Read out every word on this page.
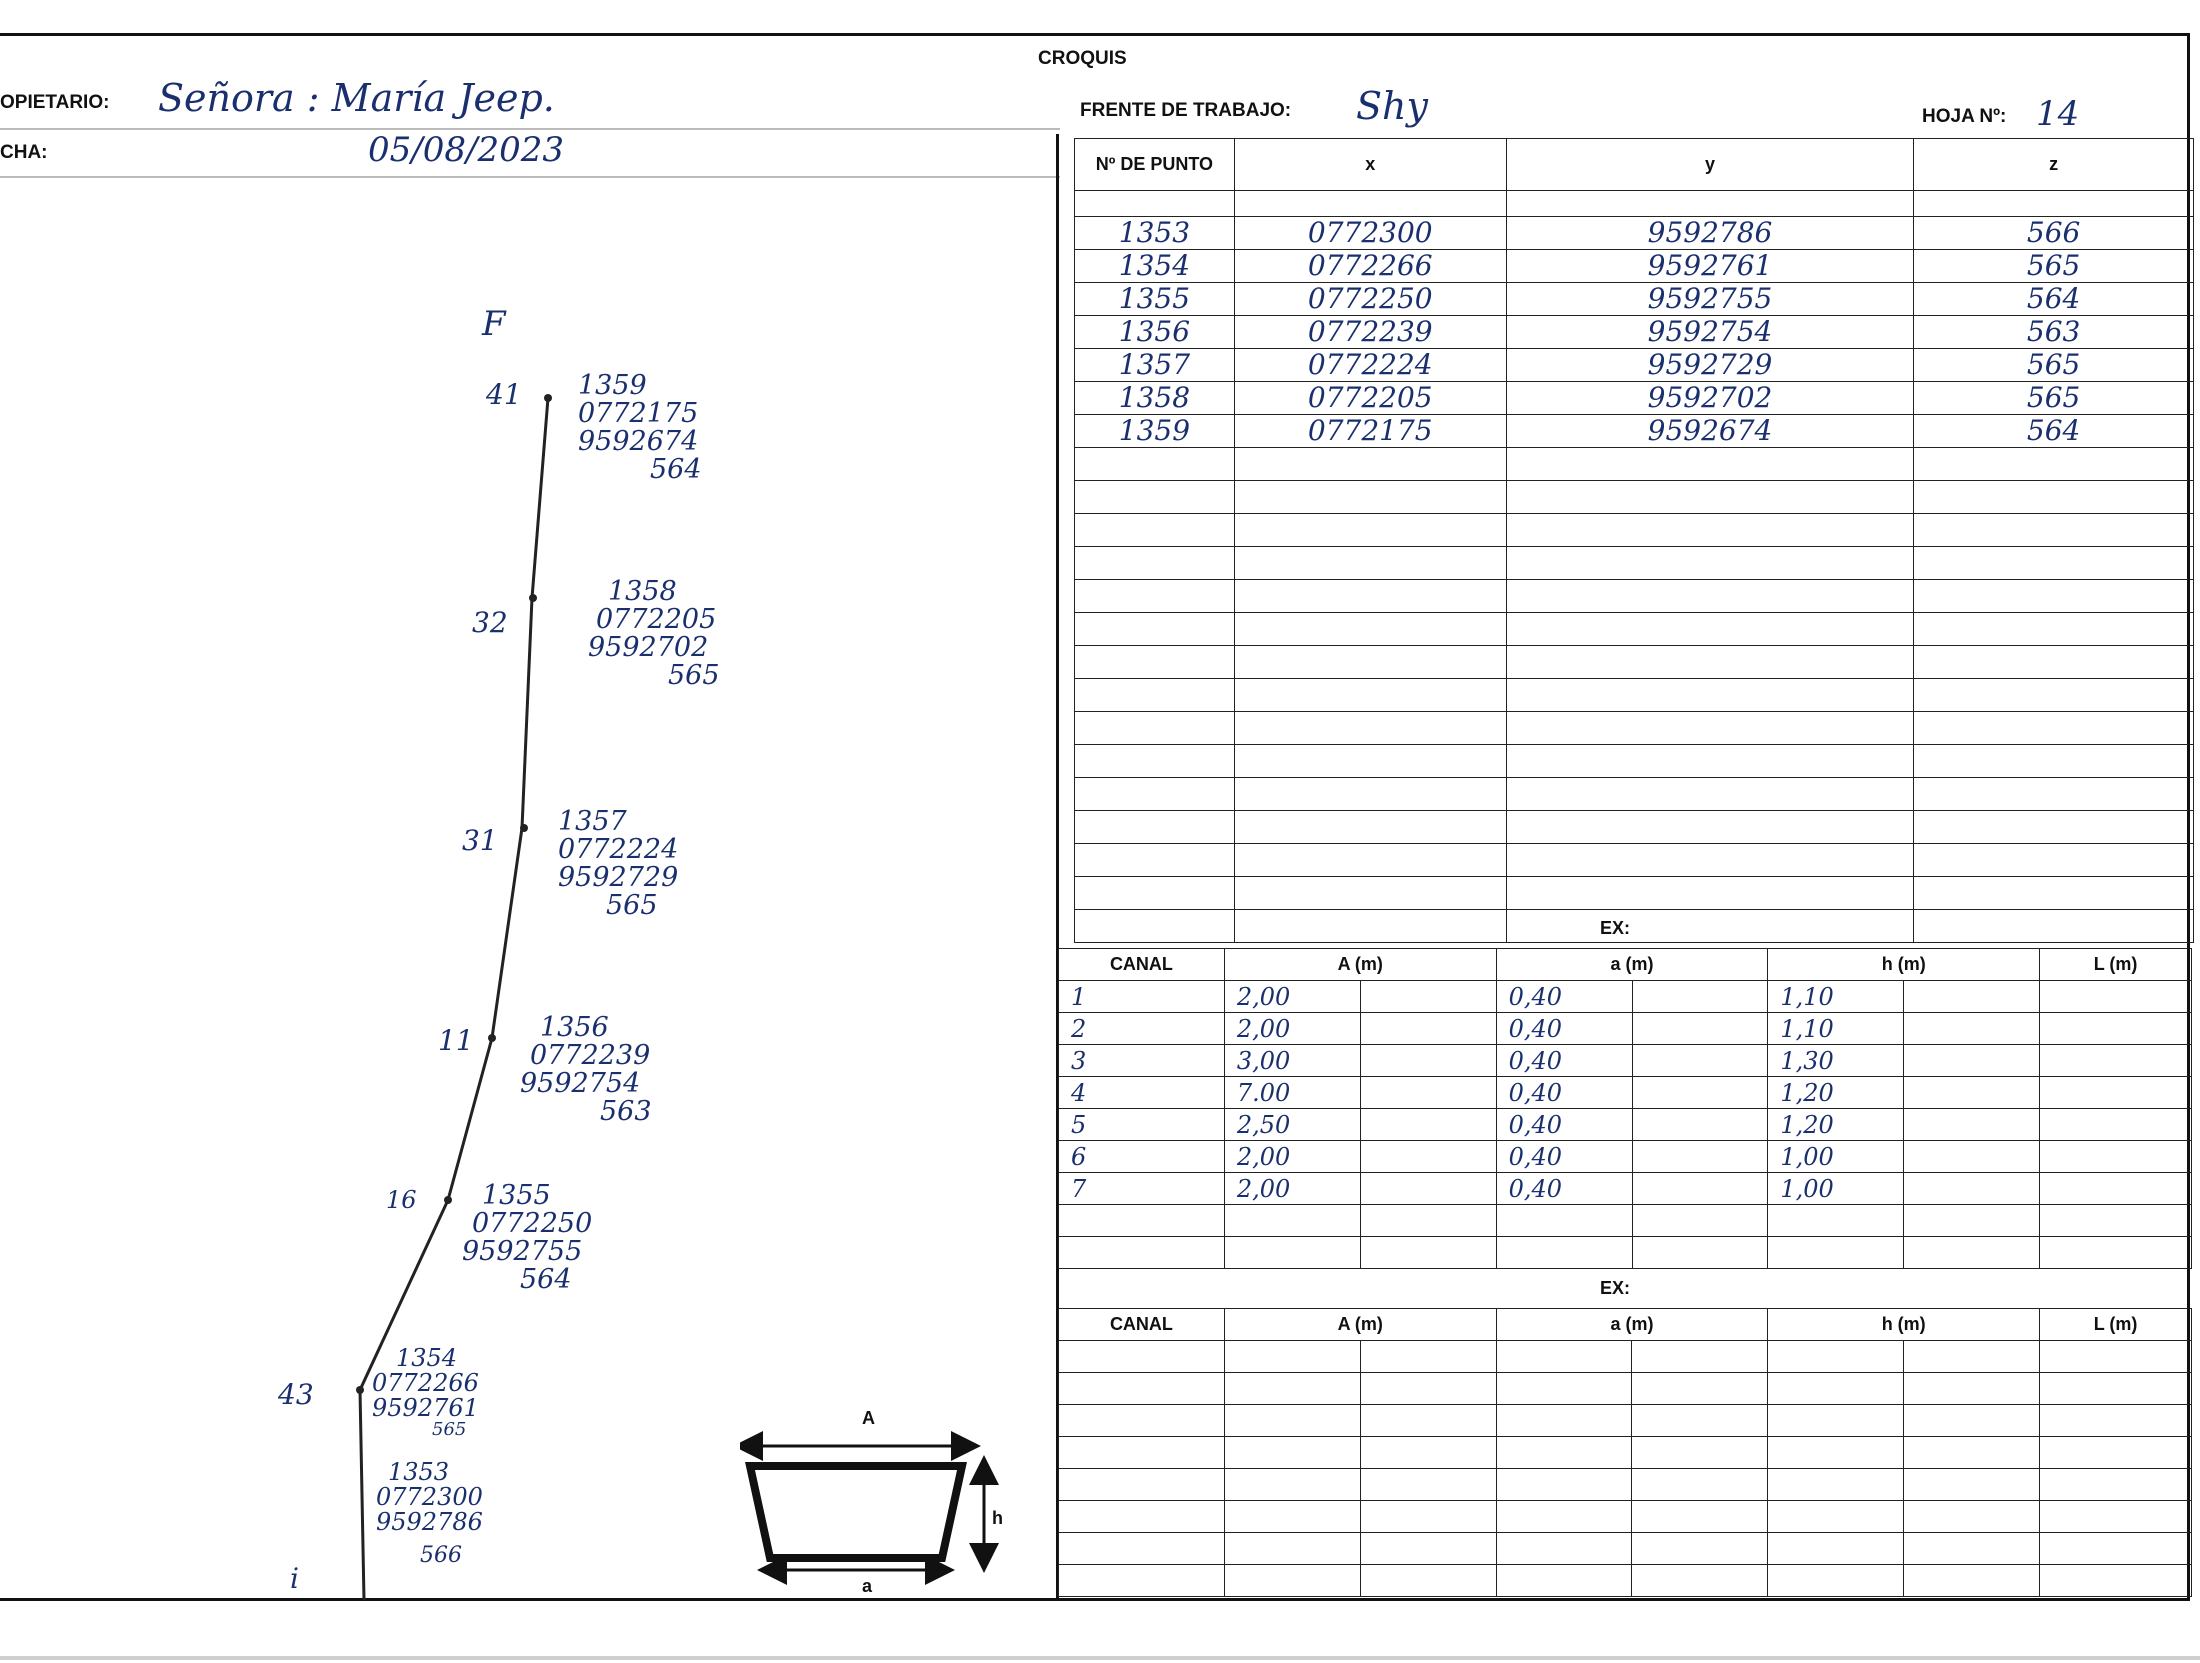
CROQUIS
OPIETARIO: Señora : María Jeep.
CHA:	05/08/2023
FRENTE DE TRABAJO: Shy	HOJA Nº: 14
Nº DE PUNTO	x	y	z

1353	0772300	9592786	566
1354	0772266	9592761	565
1355	0772250	9592755	564
1356	0772239	9592754	563
1357	0772224	9592729	565
1358	0772205	9592702	565
1359	0772175	9592674	564

EX:
CANAL	A (m)		a (m)		h (m)		L (m)
1	2,00		0,40		1,10		
2	2,00		0,40		1,10		
3	3,00		0,40		1,30		
4	7.00		0,40		1,20		
5	2,50		0,40		1,20		
6	2,00		0,40		1,00		
7	2,00		0,40		1,00		

EX:
CANAL	A (m)		a (m)		h (m)		L (m)

F
i
41 1359
0772175
9592674
564
32
1358
0772205
9592702
565
31
1357
0772224
9592729
565
11	1356
0772239
9592754
563
16	1355
0772250
9592755
564
43
1354
0772266
9592761
565
1353
0772300
9592786
566
A
a
h
